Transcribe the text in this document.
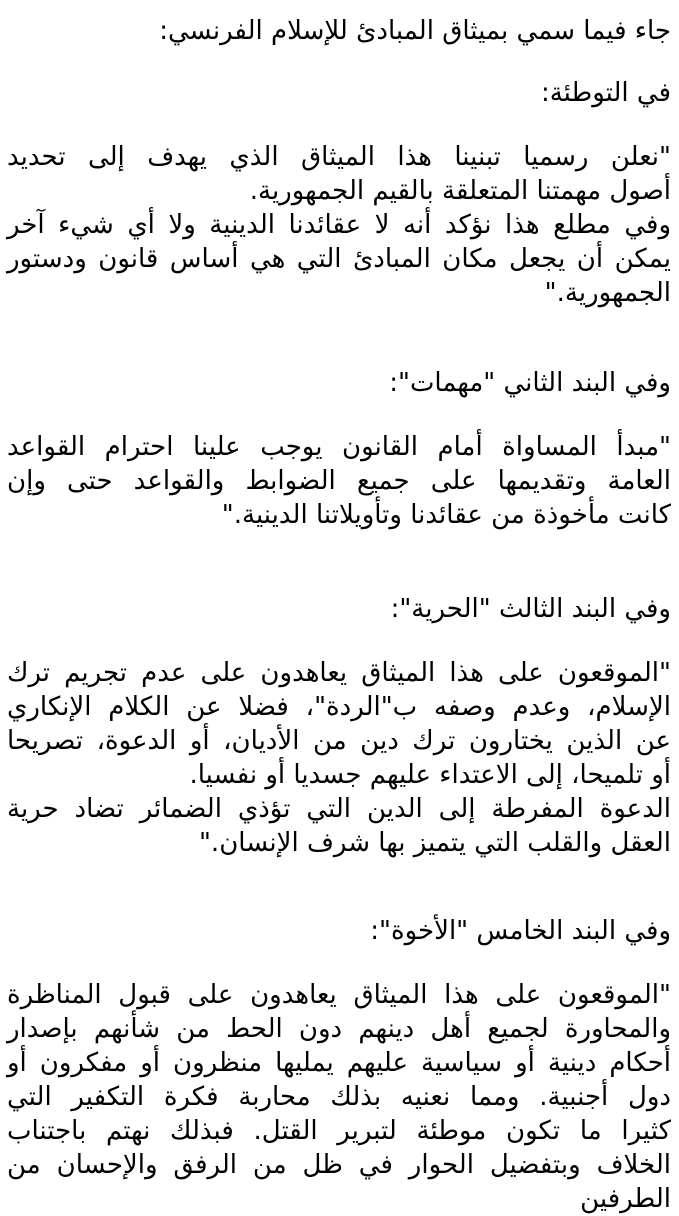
جاء فيما سمي بميثاق المبادئ للإسلام الفرنسي:
في التوطئة:
"نعلن رسميا تبنينا هذا الميثاق الذي يهدف إلى تحديد
أصول مهمتنا المتعلقة بالقيم الجمهورية.
وفي مطلع هذا نؤكد أنه لا عقائدنا الدينية ولا أي شيء آخر
يمكن أن يجعل مكان المبادئ التي هي أساس قانون ودستور
الجمهورية."
وفي البند الثاني "مهمات":
"مبدأ المساواة أمام القانون يوجب علينا احترام القواعد
العامة وتقديمها على جميع الضوابط والقواعد حتى وإن
كانت مأخوذة من عقائدنا وتأويلاتنا الدينية."
وفي البند الثالث "الحرية":
"الموقعون على هذا الميثاق يعاهدون على عدم تجريم ترك
الإسلام، وعدم وصفه ب"الردة"، فضلا عن الكلام الإنكاري
عن الذين يختارون ترك دين من الأديان، أو الدعوة، تصريحا
أو تلميحا، إلى الاعتداء عليهم جسديا أو نفسيا.
الدعوة المفرطة إلى الدين التي تؤذي الضمائر تضاد حرية
العقل والقلب التي يتميز بها شرف الإنسان."
وفي البند الخامس "الأخوة":
"الموقعون على هذا الميثاق يعاهدون على قبول المناظرة
والمحاورة لجميع أهل دينهم دون الحط من شأنهم بإصدار
أحكام دينية أو سياسية عليهم يمليها منظرون أو مفكرون أو
دول أجنبية. ومما نعنيه بذلك محاربة فكرة التكفير التي
كثيرا ما تكون موطئة لتبرير القتل. فبذلك نهتم باجتناب
الخلاف وبتفضيل الحوار في ظل من الرفق والإحسان من
الطرفين
